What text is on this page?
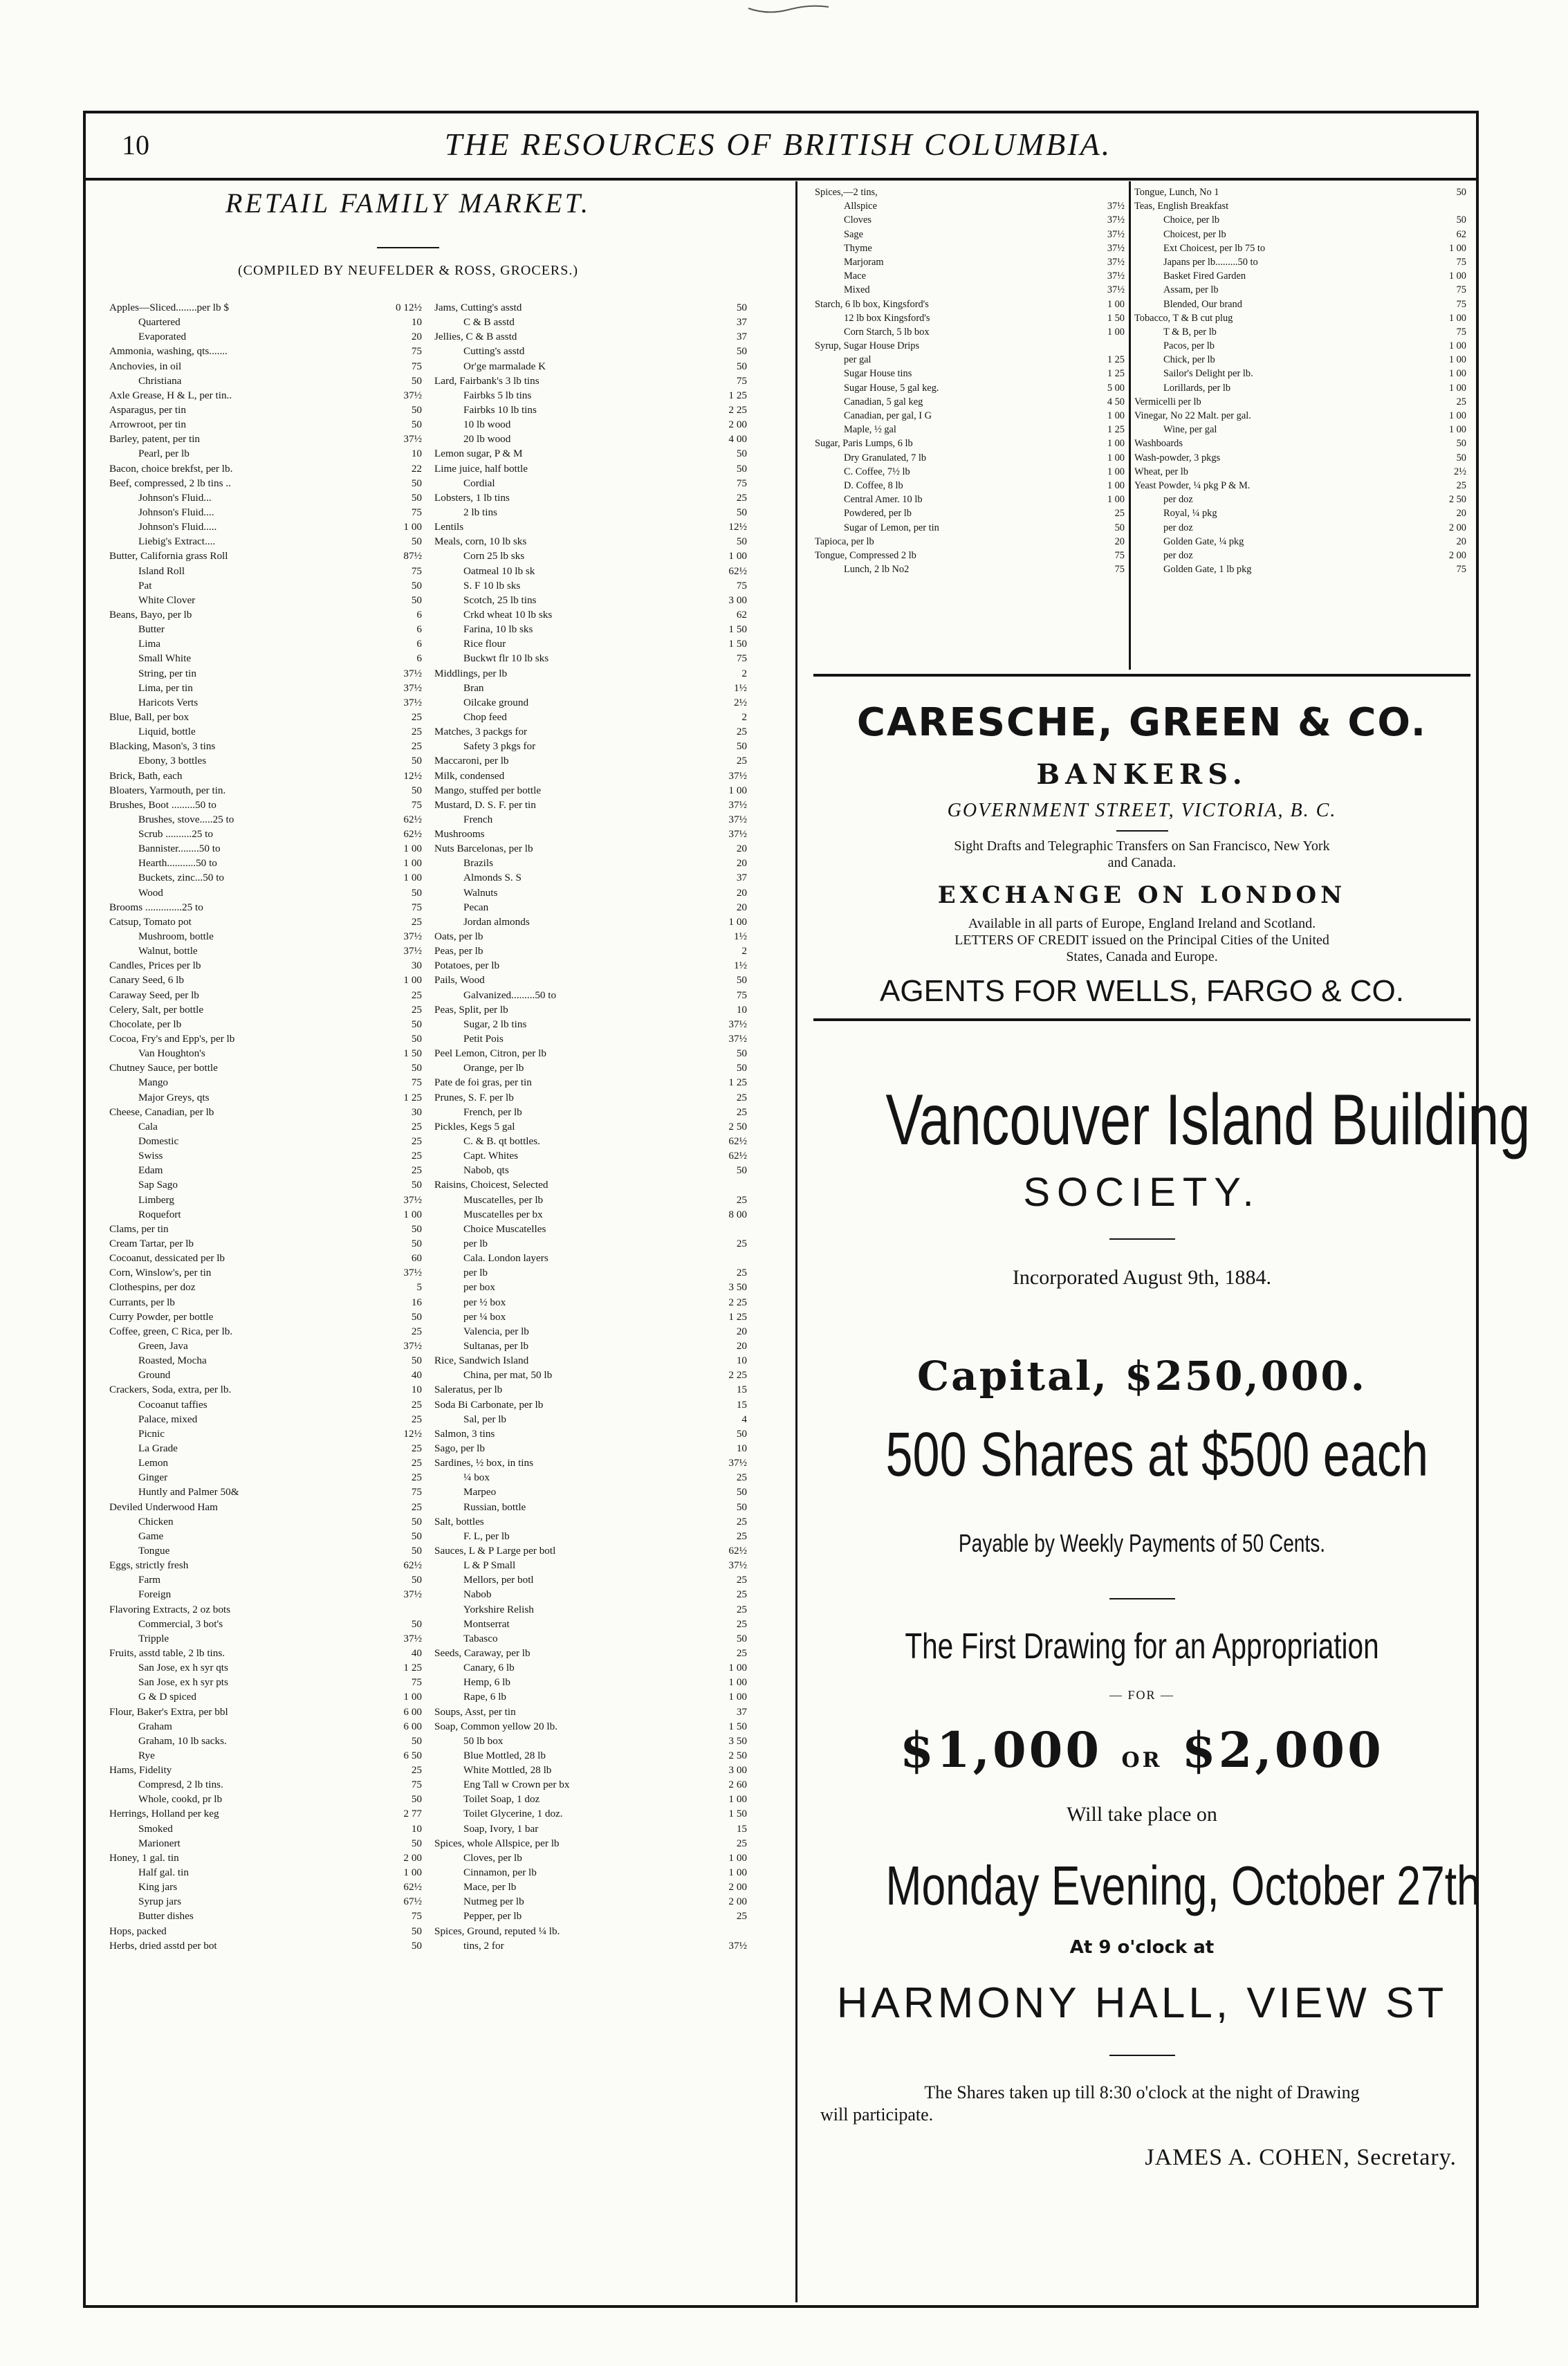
10	THE RESOURCES OF BRITISH COLUMBIA.
RETAIL FAMILY MARKET.
(COMPILED BY NEUFELDER & ROSS, GROCERS.)
Apples—Sliced........per lb $	0 12½
Quartered	10
Evaporated	20
Ammonia, washing, qts.......	75
Anchovies, in oil	75
Christiana	50
Axle Grease, H & L, per tin..	37½
Asparagus, per tin	50
Arrowroot, per tin	50
Barley, patent, per tin	37½
Pearl, per lb	10
Bacon, choice brekfst, per lb.	22
Beef, compressed, 2 lb tins ..	50
Johnson's Fluid...	50
Johnson's Fluid....	75
Johnson's Fluid.....	1 00
Liebig's Extract....	50
Butter, California grass Roll	87½
Island Roll	75
Pat	50
White Clover	50
Beans, Bayo, per lb	6
Butter	6
Lima	6
Small White	6
String, per tin	37½
Lima, per tin	37½
Haricots Verts	37½
Blue, Ball, per box	25
Liquid, bottle	25
Blacking, Mason's, 3 tins	25
Ebony, 3 bottles	50
Brick, Bath, each	12½
Bloaters, Yarmouth, per tin.	50
Brushes, Boot .........50 to	75
Brushes, stove.....25 to	62½
Scrub ..........25 to	62½
Bannister........50 to	1 00
Hearth...........50 to	1 00
Buckets, zinc...50 to	1 00
Wood	50
Brooms ..............25 to	75
Catsup, Tomato pot	25
Mushroom, bottle	37½
Walnut, bottle	37½
Candles, Prices per lb	30
Canary Seed, 6 lb	1 00
Caraway Seed, per lb	25
Celery, Salt, per bottle	25
Chocolate, per lb	50
Cocoa, Fry's and Epp's, per lb	50
Van Houghton's	1 50
Chutney Sauce, per bottle	50
Mango	75
Major Greys, qts	1 25
Cheese, Canadian, per lb	30
Cala	25
Domestic	25
Swiss	25
Edam	25
Sap Sago	50
Limberg	37½
Roquefort	1 00
Clams, per tin	50
Cream Tartar, per lb	50
Cocoanut, dessicated per lb	60
Corn, Winslow's, per tin	37½
Clothespins, per doz	5
Currants, per lb	16
Curry Powder, per bottle	50
Coffee, green, C Rica, per lb.	25
Green, Java	37½
Roasted, Mocha	50
Ground	40
Crackers, Soda, extra, per lb.	10
Cocoanut taffies	25
Palace, mixed	25
Picnic	12½
La Grade	25
Lemon	25
Ginger	25
Huntly and Palmer 50&	75
Deviled Underwood Ham	25
Chicken	50
Game	50
Tongue	50
Eggs, strictly fresh	62½
Farm	50
Foreign	37½
Flavoring Extracts, 2 oz bots
Commercial, 3 bot's	50
Tripple	37½
Fruits, asstd table, 2 lb tins.	40
San Jose, ex h syr qts	1 25
San Jose, ex h syr pts	75
G & D spiced	1 00
Flour, Baker's Extra, per bbl	6 00
Graham	6 00
Graham, 10 lb sacks.	50
Rye	6 50
Hams, Fidelity	25
Compresd, 2 lb tins.	75
Whole, cookd, pr lb	50
Herrings, Holland per keg	2 77
Smoked	10
Marionert	50
Honey, 1 gal. tin	2 00
Half gal. tin	1 00
King jars	62½
Syrup jars	67½
Butter dishes	75
Hops, packed	50
Herbs, dried asstd per bot	50
Jams, Cutting's asstd	50
C & B asstd	37
Jellies, C & B asstd	37
Cutting's asstd	50
Or'ge marmalade K	50
Lard, Fairbank's 3 lb tins	75
Fairbks 5 lb tins	1 25
Fairbks 10 lb tins	2 25
10 lb wood	2 00
20 lb wood	4 00
Lemon sugar, P & M	50
Lime juice, half bottle	50
Cordial	75
Lobsters, 1 lb tins	25
2 lb tins	50
Lentils	12½
Meals, corn, 10 lb sks	50
Corn 25 lb sks	1 00
Oatmeal 10 lb sk	62½
S. F 10 lb sks	75
Scotch, 25 lb tins	3 00
Crkd wheat 10 lb sks	62
Farina, 10 lb sks	1 50
Rice flour	1 50
Buckwt flr 10 lb sks	75
Middlings, per lb	2
Bran	1½
Oilcake ground	2½
Chop feed	2
Matches, 3 packgs for	25
Safety 3 pkgs for	50
Maccaroni, per lb	25
Milk, condensed	37½
Mango, stuffed per bottle	1 00
Mustard, D. S. F. per tin	37½
French	37½
Mushrooms	37½
Nuts Barcelonas, per lb	20
Brazils	20
Almonds S. S	37
Walnuts	20
Pecan	20
Jordan almonds	1 00
Oats, per lb	1½
Peas, per lb	2
Potatoes, per lb	1½
Pails, Wood	50
Galvanized.........50 to	75
Peas, Split, per lb	10
Sugar, 2 lb tins	37½
Petit Pois	37½
Peel Lemon, Citron, per lb	50
Orange, per lb	50
Pate de foi gras, per tin	1 25
Prunes, S. F. per lb	25
French, per lb	25
Pickles, Kegs 5 gal	2 50
C. & B. qt bottles.	62½
Capt. Whites	62½
Nabob, qts	50
Raisins, Choicest, Selected
Muscatelles, per lb	25
Muscatelles per bx	8 00
Choice Muscatelles
per lb	25
Cala. London layers
per lb	25
per box	3 50
per ½ box	2 25
per ¼ box	1 25
Valencia, per lb	20
Sultanas, per lb	20
Rice, Sandwich Island	10
China, per mat, 50 lb	2 25
Saleratus, per lb	15
Soda Bi Carbonate, per lb	15
Sal, per lb	4
Salmon, 3 tins	50
Sago, per lb	10
Sardines, ½ box, in tins	37½
¼ box	25
Marpeo	50
Russian, bottle	50
Salt, bottles	25
F. L, per lb	25
Sauces, L & P Large per botl	62½
L & P Small	37½
Mellors, per botl	25
Nabob	25
Yorkshire Relish	25
Montserrat	25
Tabasco	50
Seeds, Caraway, per lb	25
Canary, 6 lb	1 00
Hemp, 6 lb	1 00
Rape, 6 lb	1 00
Soups, Asst, per tin	37
Soap, Common yellow 20 lb.	1 50
50 lb box	3 50
Blue Mottled, 28 lb	2 50
White Mottled, 28 lb	3 00
Eng Tall w Crown per bx	2 60
Toilet Soap, 1 doz	1 00
Toilet Glycerine, 1 doz.	1 50
Soap, Ivory, 1 bar	15
Spices, whole Allspice, per lb	25
Cloves, per lb	1 00
Cinnamon, per lb	1 00
Mace, per lb	2 00
Nutmeg per lb	2 00
Pepper, per lb	25
Spices, Ground, reputed ¼ lb.
tins, 2 for	37½
Spices,—2 tins,
Allspice	37½
Cloves	37½
Sage	37½
Thyme	37½
Marjoram	37½
Mace	37½
Mixed	37½
Starch, 6 lb box, Kingsford's	1 00
12 lb box Kingsford's	1 50
Corn Starch, 5 lb box	1 00
Syrup, Sugar House Drips
per gal	1 25
Sugar House tins	1 25
Sugar House, 5 gal keg.	5 00
Canadian, 5 gal keg	4 50
Canadian, per gal, I G	1 00
Maple, ½ gal	1 25
Sugar, Paris Lumps, 6 lb	1 00
Dry Granulated, 7 lb	1 00
C. Coffee, 7½ lb	1 00
D. Coffee, 8 lb	1 00
Central Amer. 10 lb	1 00
Powdered, per lb	25
Sugar of Lemon, per tin	50
Tapioca, per lb	20
Tongue, Compressed 2 lb	75
Lunch, 2 lb No2	75
Tongue, Lunch, No 1	50
Teas, English Breakfast
Choice, per lb	50
Choicest, per lb	62
Ext Choicest, per lb 75 to	1 00
Japans per lb.........50 to	75
Basket Fired Garden	1 00
Assam, per lb	75
Blended, Our brand	75
Tobacco, T & B cut plug	1 00
T & B, per lb	75
Pacos, per lb	1 00
Chick, per lb	1 00
Sailor's Delight per lb.	1 00
Lorillards, per lb	1 00
Vermicelli per lb	25
Vinegar, No 22 Malt. per gal.	1 00
Wine, per gal	1 00
Washboards	50
Wash-powder, 3 pkgs	50
Wheat, per lb	2½
Yeast Powder, ¼ pkg P & M.	25
per doz	2 50
Royal, ¼ pkg	20
per doz	2 00
Golden Gate, ¼ pkg	20
per doz	2 00
Golden Gate, 1 lb pkg	75
CARESCHE, GREEN & CO.
BANKERS.
GOVERNMENT STREET, VICTORIA, B. C.
Sight Drafts and Telegraphic Transfers on San Francisco, New York
and Canada.
EXCHANGE ON LONDON
Available in all parts of Europe, England Ireland and Scotland.
LETTERS OF CREDIT issued on the Principal Cities of the United
States, Canada and Europe.
AGENTS FOR WELLS, FARGO & CO.
Vancouver Island Building
SOCIETY.
Incorporated August 9th, 1884.
Capital, $250,000.
500 Shares at $500 each
Payable by Weekly Payments of 50 Cents.
The First Drawing for an Appropriation
— FOR —
$1,000 OR $2,000
Will take place on
Monday Evening, October 27th
At 9 o'clock at
HARMONY HALL, VIEW ST
The Shares taken up till 8:30 o'clock at the night of Drawing
will participate.
JAMES A. COHEN, Secretary.
